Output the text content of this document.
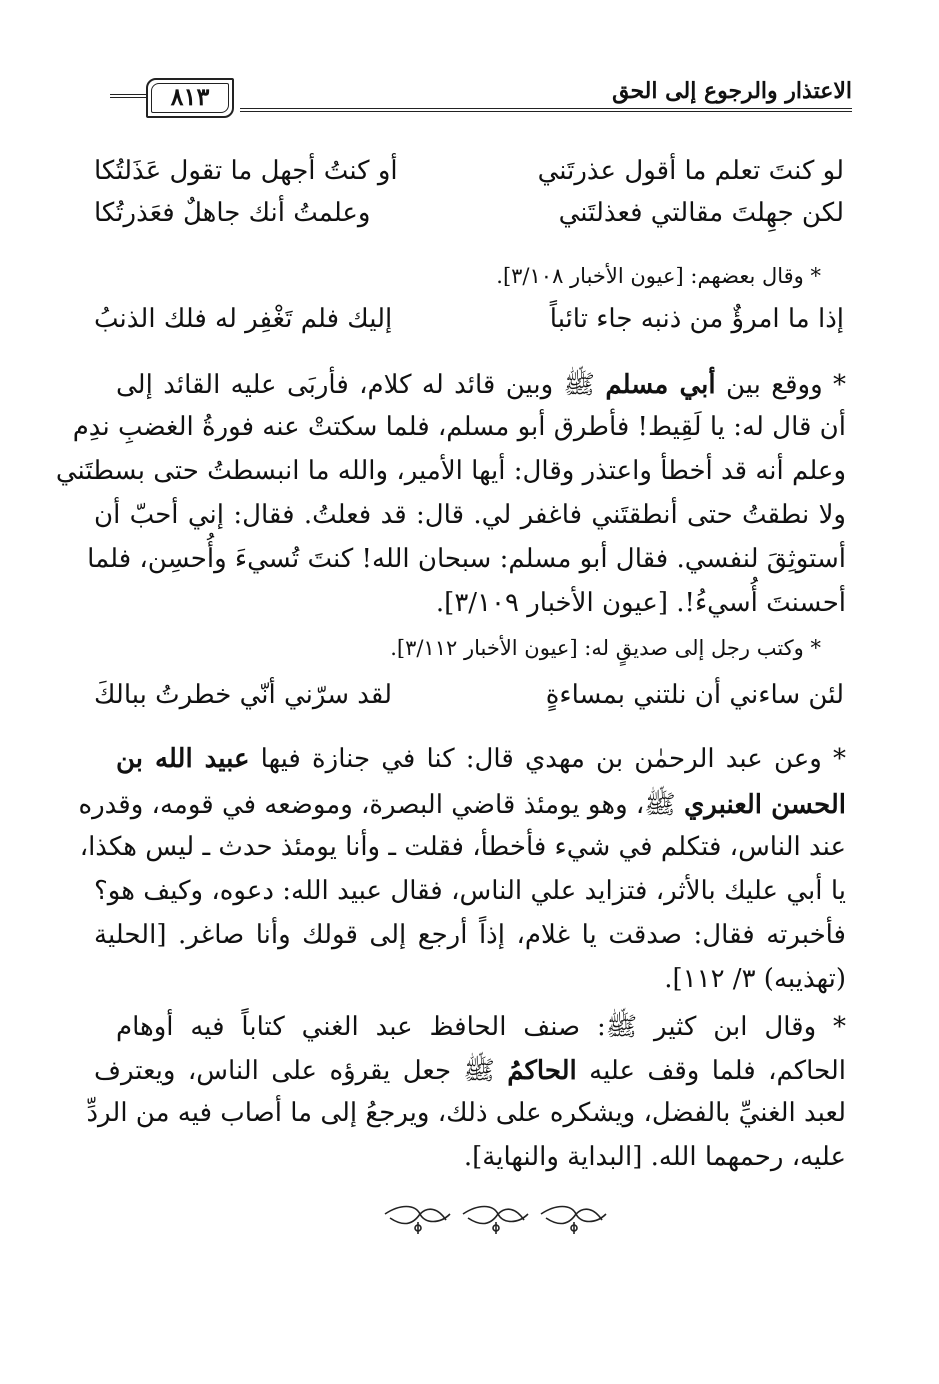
الاعتذار والرجوع إلى الحق
٨١٣
لو كنتَ تعلم ما أقول عذرتَني
أو كنتُ أجهل ما تقول عَذَلتُكا
لكن جهِلتَ مقالتي فعذلتَني
وعلمتُ أنك جاهلٌ فعَذرتُكا
* وقال بعضهم: [عيون الأخبار ٣/١٠٨].
إذا ما امرؤٌ من ذنبه جاء تائباً
إليك فلم تَغْفِر له فلك الذنبُ
* ووقع بين أبي مسلم ﷺ وبين قائد له كلام، فأربَى عليه القائد إلى
أن قال له: يا لَقِيط! فأطرق أبو مسلم، فلما سكتتْ عنه فورةُ الغضبِ ندِم
وعلم أنه قد أخطأ واعتذر وقال: أيها الأمير، والله ما انبسطتُ حتى بسطتَني
ولا نطقتُ حتى أنطقتَني فاغفر لي. قال: قد فعلتُ. فقال: إني أحبّ أن
أستوثِقَ لنفسي. فقال أبو مسلم: سبحان الله! كنتَ تُسيءَ وأُحسِن، فلما
أحسنتَ أُسيءُ!. [عيون الأخبار ٣/١٠٩].
* وكتب رجل إلى صديقٍ له: [عيون الأخبار ٣/١١٢].
لئن ساءني أن نلتني بمساءةٍ
لقد سرّني أنّي خطرتُ ببالكَ
* وعن عبد الرحمٰن بن مهدي قال: كنا في جنازة فيها عبيد الله بن
الحسن العنبري ﷺ، وهو يومئذ قاضي البصرة، وموضعه في قومه، وقدره
عند الناس، فتكلم في شيء فأخطأ، فقلت ـ وأنا يومئذ حدث ـ ليس هكذا،
يا أبي عليك بالأثر، فتزايد علي الناس، فقال عبيد الله: دعوه، وكيف هو؟
فأخبرته فقال: صدقت يا غلام، إذاً أرجع إلى قولك وأنا صاغر. [الحلية
(تهذيبه) ٣/ ١١٢].
* وقال ابن كثير ﷺ: صنف الحافظ عبد الغني كتاباً فيه أوهام
الحاكم، فلما وقف عليه الحاكمُ ﷺ جعل يقرؤه على الناس، ويعترف
لعبد الغنيِّ بالفضل، ويشكره على ذلك، ويرجعُ إلى ما أصاب فيه من الردِّ
عليه، رحمهما الله. [البداية والنهاية].
